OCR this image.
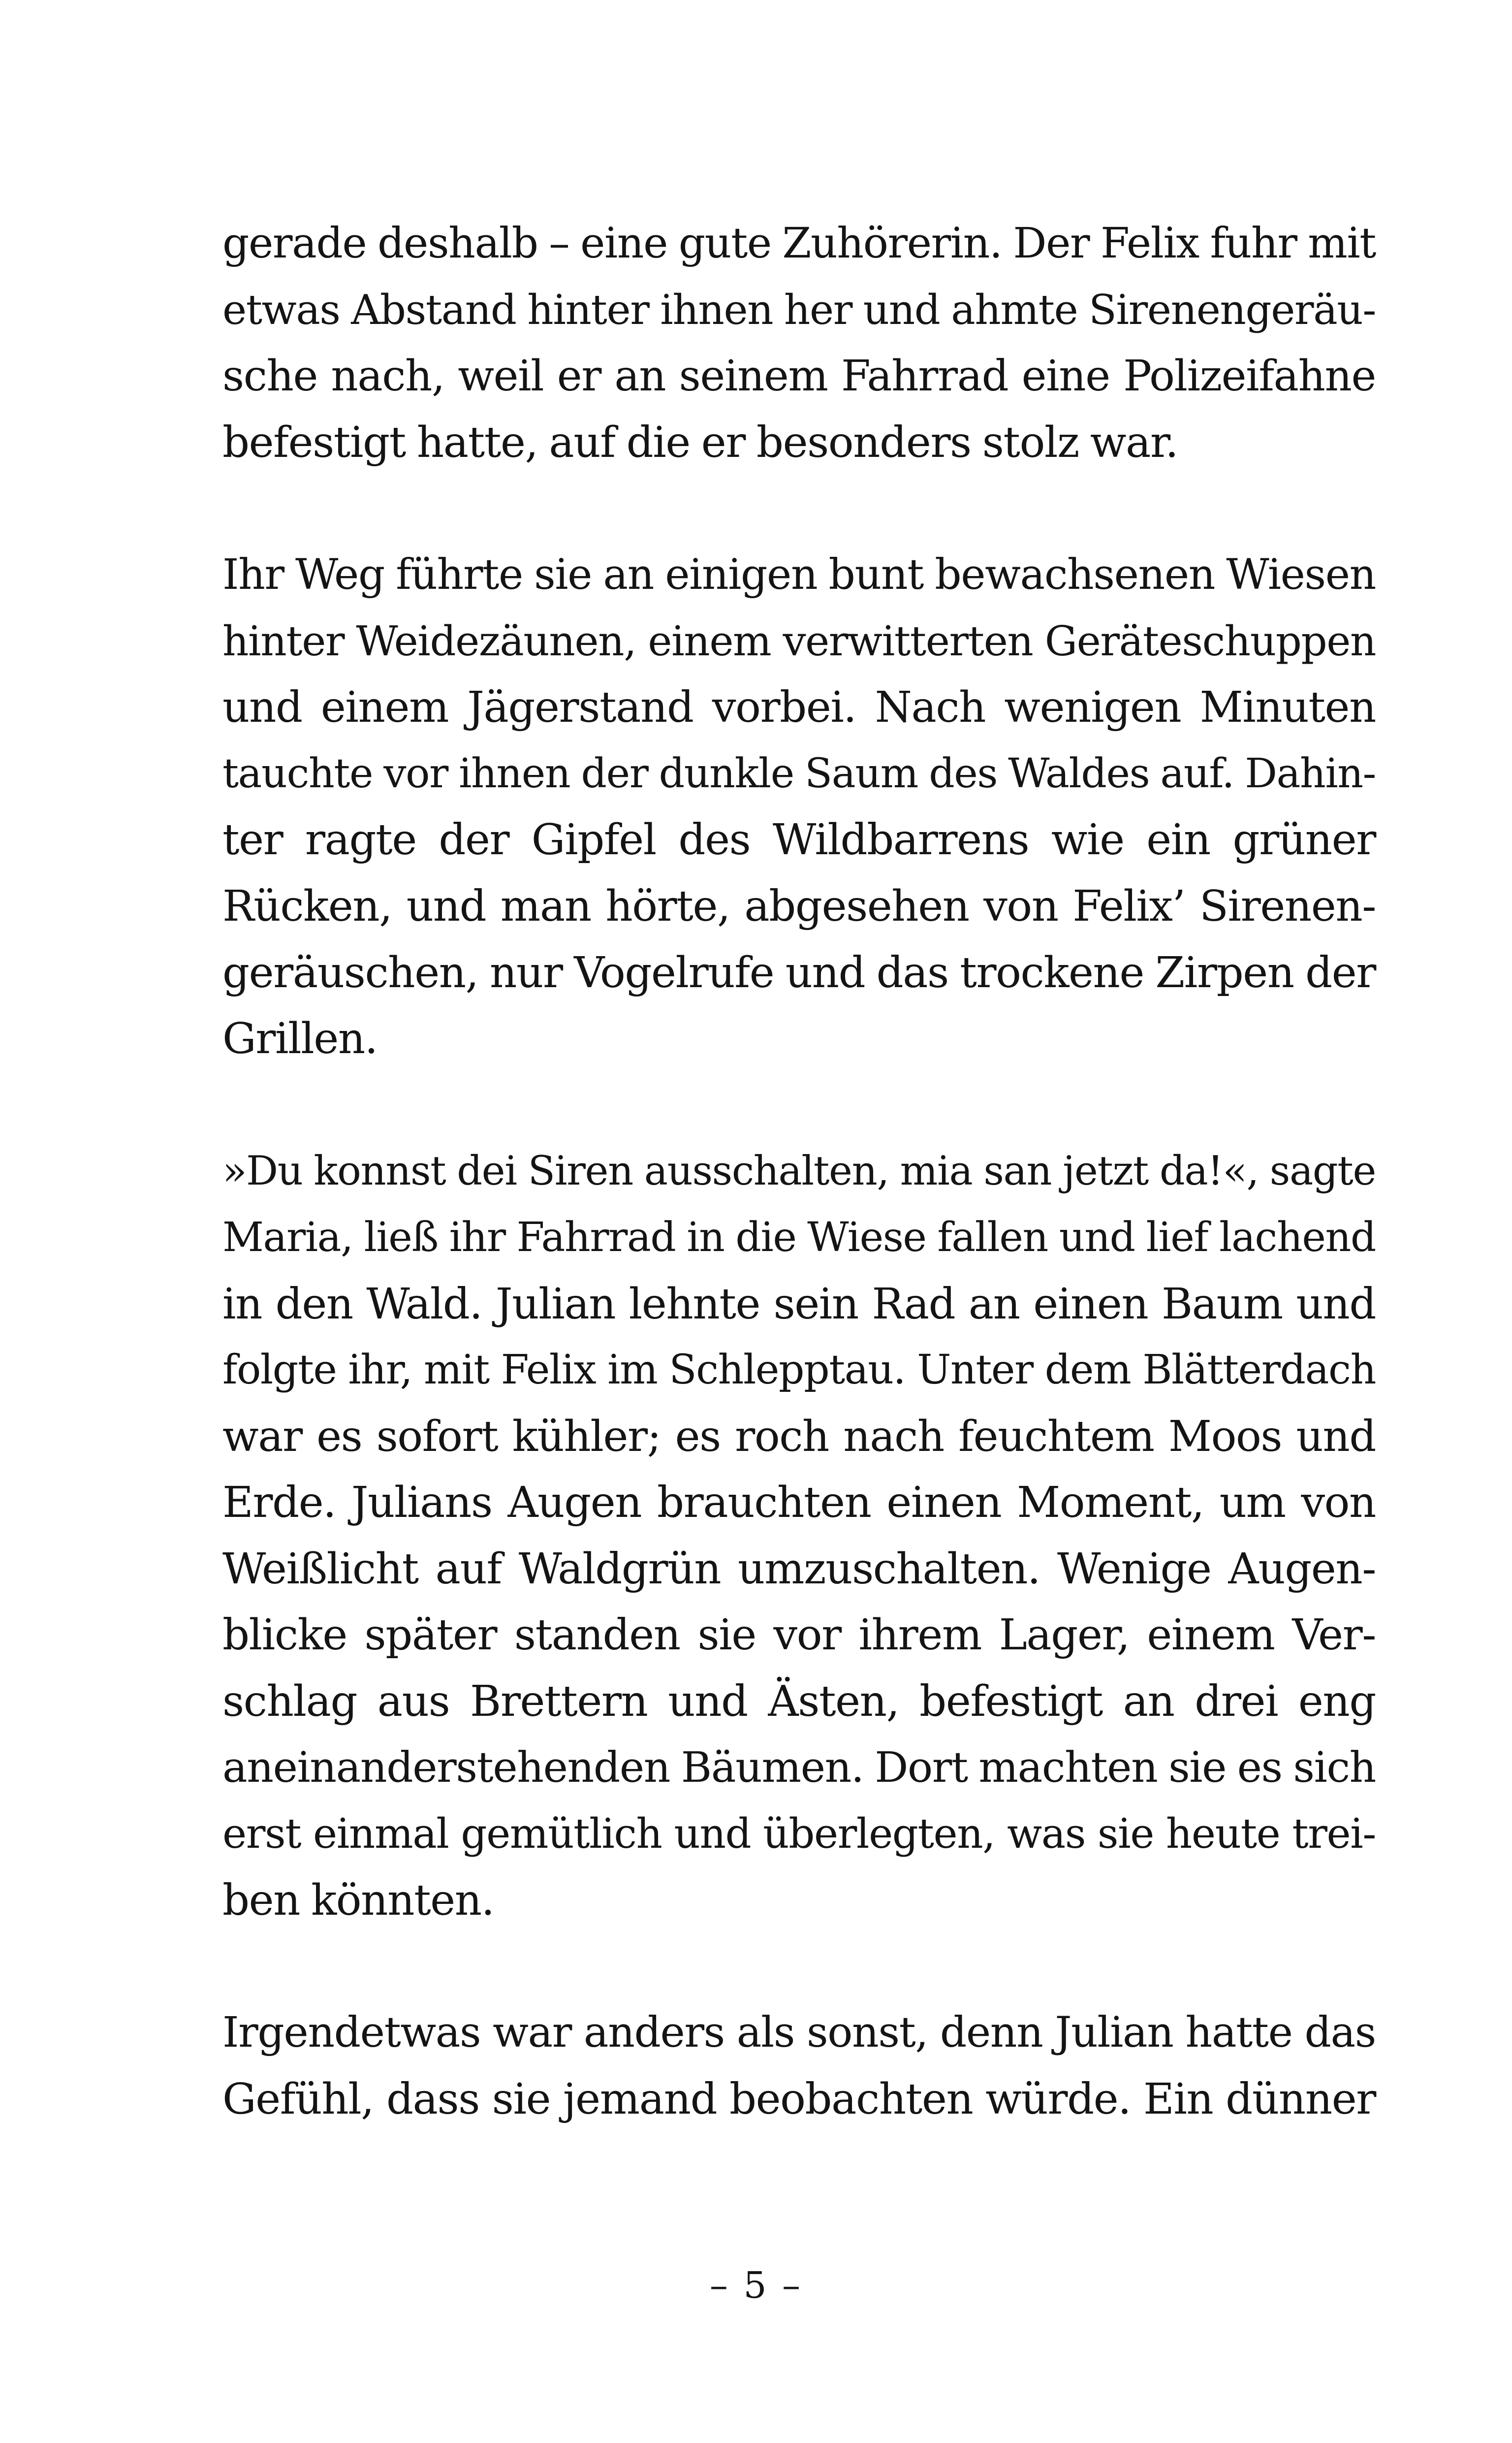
gerade deshalb – eine gute Zuhörerin. Der Felix fuhr mit
etwas Abstand hinter ihnen her und ahmte Sirenengeräu-
sche nach, weil er an seinem Fahrrad eine Polizeifahne
befestigt hatte, auf die er besonders stolz war.

Ihr Weg führte sie an einigen bunt bewachsenen Wiesen
hinter Weidezäunen, einem verwitterten Geräteschuppen
und einem Jägerstand vorbei. Nach wenigen Minuten
tauchte vor ihnen der dunkle Saum des Waldes auf. Dahin-
ter ragte der Gipfel des Wildbarrens wie ein grüner
Rücken, und man hörte, abgesehen von Felix’ Sirenen-
geräuschen, nur Vogelrufe und das trockene Zirpen der
Grillen.

»Du konnst dei Siren ausschalten, mia san jetzt da!«, sagte
Maria, ließ ihr Fahrrad in die Wiese fallen und lief lachend
in den Wald. Julian lehnte sein Rad an einen Baum und
folgte ihr, mit Felix im Schlepptau. Unter dem Blätterdach
war es sofort kühler; es roch nach feuchtem Moos und
Erde. Julians Augen brauchten einen Moment, um von
Weißlicht auf Waldgrün umzuschalten. Wenige Augen-
blicke später standen sie vor ihrem Lager, einem Ver-
schlag aus Brettern und Ästen, befestigt an drei eng
aneinanderstehenden Bäumen. Dort machten sie es sich
erst einmal gemütlich und überlegten, was sie heute trei-
ben könnten.

Irgendetwas war anders als sonst, denn Julian hatte das
Gefühl, dass sie jemand beobachten würde. Ein dünner

– 5 –
